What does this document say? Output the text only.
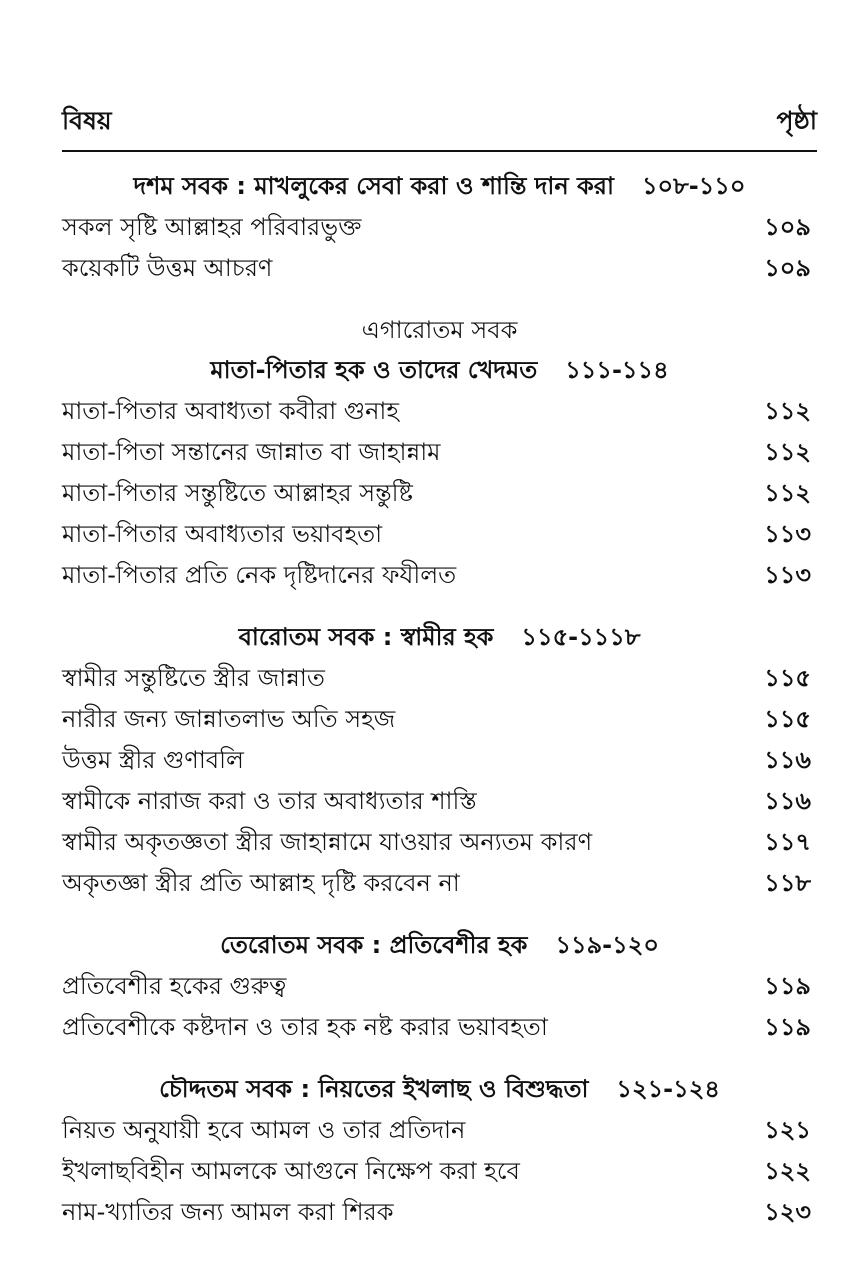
বিষয়	পৃষ্ঠা
দশম সবক : মাখলুকের সেবা করা ও শান্তি দান করা ১০৮-১১০
সকল সৃষ্টি আল্লাহর পরিবারভুক্ত	১০৯
কয়েকটি উত্তম আচরণ	১০৯
এগারোতম সবক
মাতা-পিতার হক ও তাদের খেদমত ১১১-১১৪
মাতা-পিতার অবাধ্যতা কবীরা গুনাহ	১১২
মাতা-পিতা সন্তানের জান্নাত বা জাহান্নাম	১১২
মাতা-পিতার সন্তুষ্টিতে আল্লাহর সন্তুষ্টি	১১২
মাতা-পিতার অবাধ্যতার ভয়াবহতা	১১৩
মাতা-পিতার প্রতি নেক দৃষ্টিদানের ফযীলত	১১৩
বারোতম সবক : স্বামীর হক ১১৫-১১১৮
স্বামীর সন্তুষ্টিতে স্ত্রীর জান্নাত	১১৫
নারীর জন্য জান্নাতলাভ অতি সহজ	১১৫
উত্তম স্ত্রীর গুণাবলি	১১৬
স্বামীকে নারাজ করা ও তার অবাধ্যতার শাস্তি	১১৬
স্বামীর অকৃতজ্ঞতা স্ত্রীর জাহান্নামে যাওয়ার অন্যতম কারণ	১১৭
অকৃতজ্ঞা স্ত্রীর প্রতি আল্লাহ দৃষ্টি করবেন না	১১৮
তেরোতম সবক : প্রতিবেশীর হক ১১৯-১২০
প্রতিবেশীর হকের গুরুত্ব	১১৯
প্রতিবেশীকে কষ্টদান ও তার হক নষ্ট করার ভয়াবহতা	১১৯
চৌদ্দতম সবক : নিয়তের ইখলাছ ও বিশুদ্ধতা ১২১-১২৪
নিয়ত অনুযায়ী হবে আমল ও তার প্রতিদান	১২১
ইখলাছবিহীন আমলকে আগুনে নিক্ষেপ করা হবে	১২২
নাম-খ্যাতির জন্য আমল করা শিরক	১২৩
